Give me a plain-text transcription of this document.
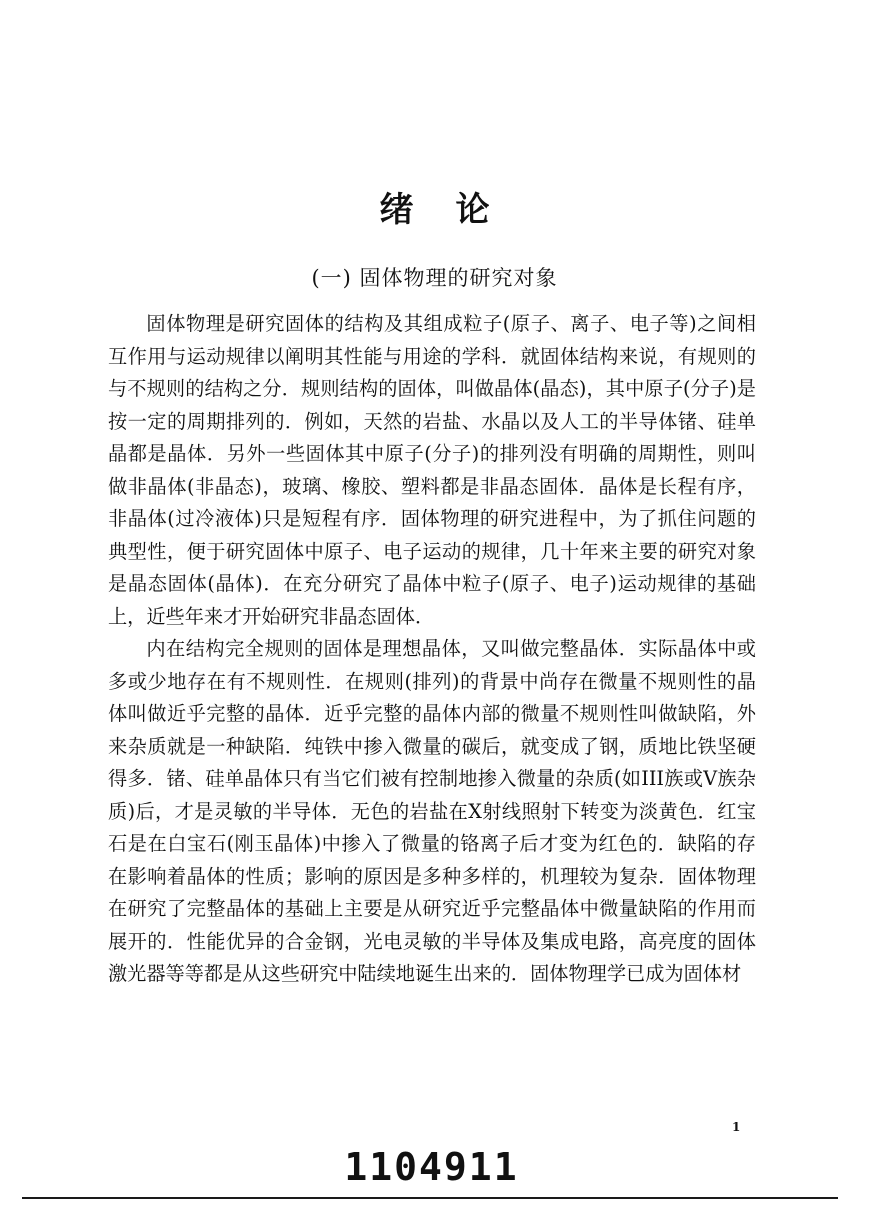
绪论
(一) 固体物理的研究对象

固体物理是研究固体的结构及其组成粒子(原子、离子、电子等)之间相互作用与运动规律以阐明其性能与用途的学科．就固体结构来说，有规则的与不规则的结构之分．规则结构的固体，叫做晶体(晶态)，其中原子(分子)是按一定的周期排列的．例如，天然的岩盐、水晶以及人工的半导体锗、硅单晶都是晶体．另外一些固体其中原子(分子)的排列没有明确的周期性，则叫做非晶体(非晶态)，玻璃、橡胶、塑料都是非晶态固体．晶体是长程有序，非晶体(过冷液体)只是短程有序．固体物理的研究进程中，为了抓住问题的典型性，便于研究固体中原子、电子运动的规律，几十年来主要的研究对象是晶态固体(晶体)．在充分研究了晶体中粒子(原子、电子)运动规律的基础上，近些年来才开始研究非晶态固体．

内在结构完全规则的固体是理想晶体，又叫做完整晶体．实际晶体中或多或少地存在有不规则性．在规则(排列)的背景中尚存在微量不规则性的晶体叫做近乎完整的晶体．近乎完整的晶体内部的微量不规则性叫做缺陷，外来杂质就是一种缺陷．纯铁中掺入微量的碳后，就变成了钢，质地比铁坚硬得多．锗、硅单晶体只有当它们被有控制地掺入微量的杂质(如III族或V族杂质)后，才是灵敏的半导体．无色的岩盐在X射线照射下转变为淡黄色．红宝石是在白宝石(刚玉晶体)中掺入了微量的铬离子后才变为红色的．缺陷的存在影响着晶体的性质；影响的原因是多种多样的，机理较为复杂．固体物理在研究了完整晶体的基础上主要是从研究近乎完整晶体中微量缺陷的作用而展开的．性能优异的合金钢，光电灵敏的半导体及集成电路，高亮度的固体激光器等等都是从这些研究中陆续地诞生出来的．固体物理学已成为固体材

1
1104911
